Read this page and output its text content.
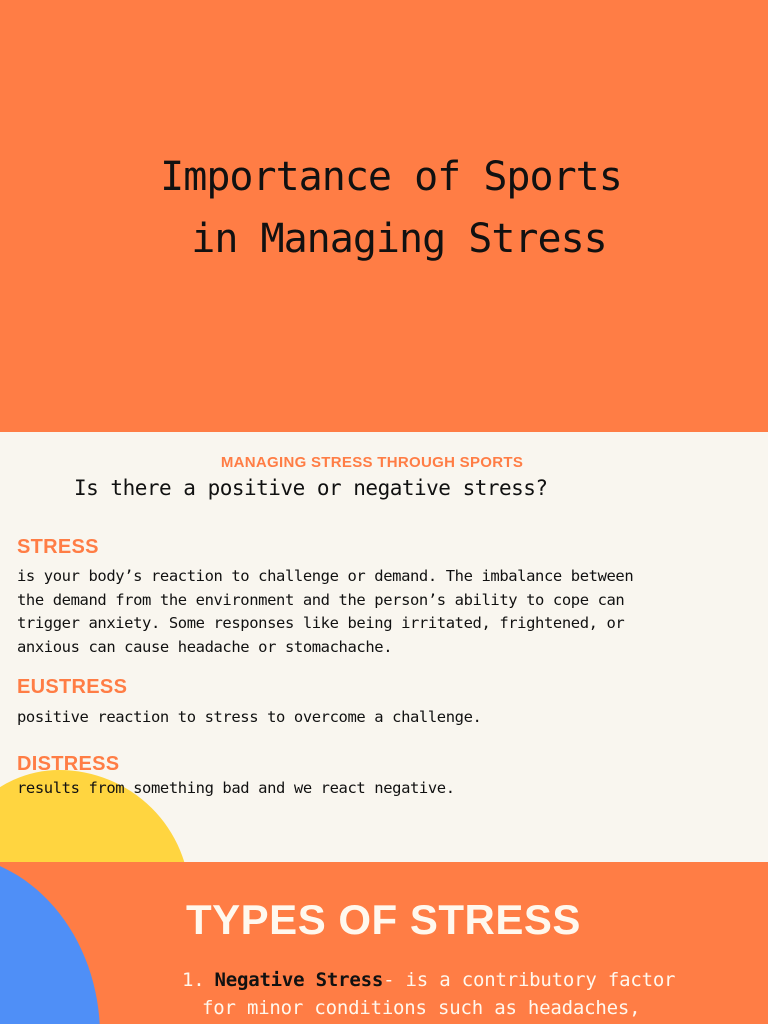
Importance of Sports
in Managing Stress
MANAGING STRESS THROUGH SPORTS
Is there a positive or negative stress?
STRESS

is your body’s reaction to challenge or demand. The imbalance between the demand from the environment and the person’s ability to cope can trigger anxiety. Some responses like being irritated, frightened, or anxious can cause headache or stomachache.

EUSTRESS

positive reaction to stress to overcome a challenge.

DISTRESS

results from something bad and we react negative.

TYPES OF STRESS
1. Negative Stress- is a contributory factor
for minor conditions such as headaches,
